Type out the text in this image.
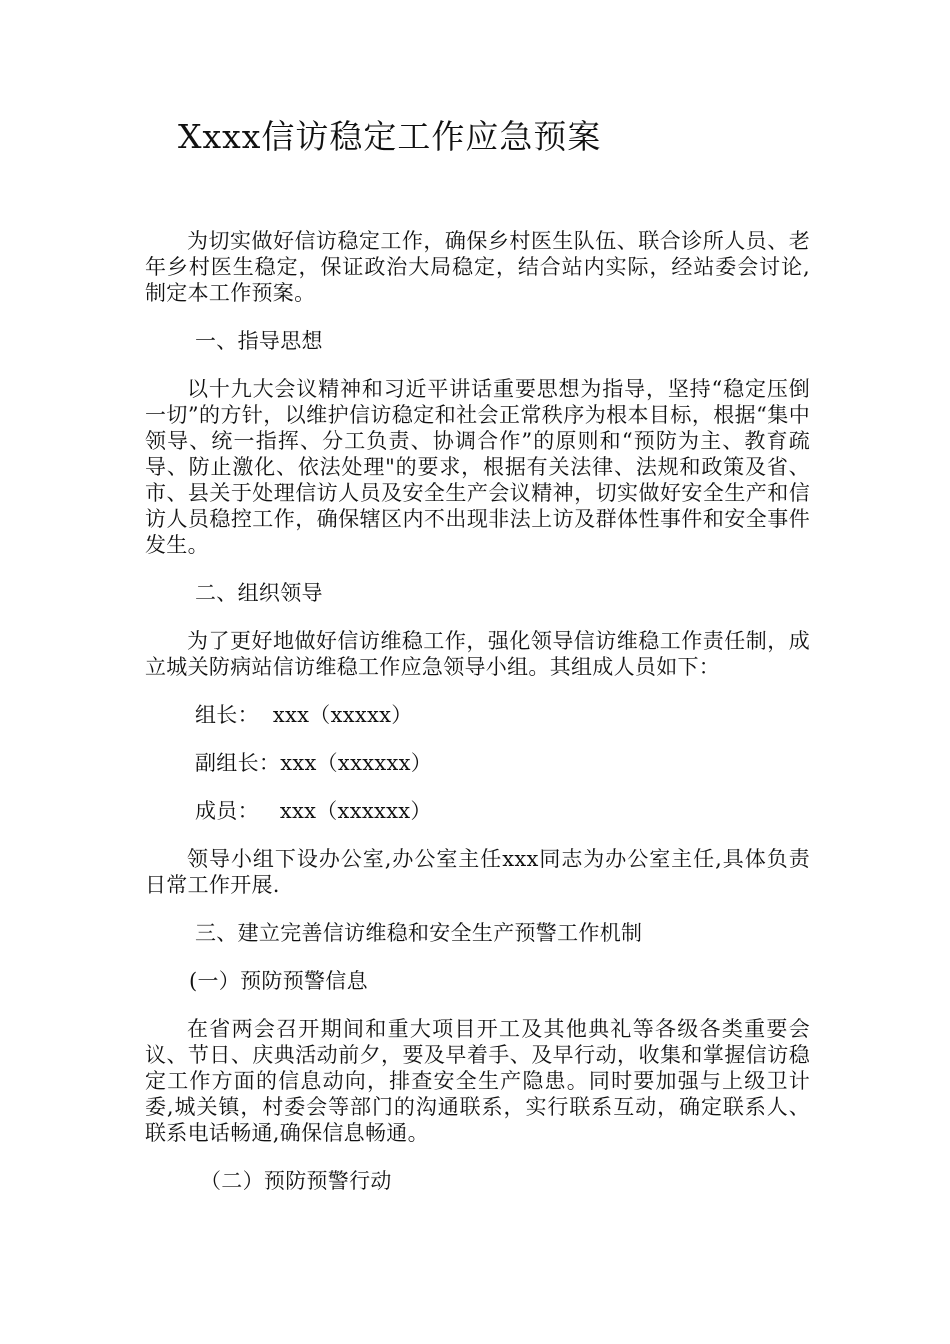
Xxxx信访稳定工作应急预案

为切实做好信访稳定工作，确保乡村医生队伍、联合诊所人员、老年乡村医生稳定，保证政治大局稳定，结合站内实际，经站委会讨论,制定本工作预案。

一、指导思想

以十九大会议精神和习近平讲话重要思想为指导，坚持“稳定压倒一切”的方针，以维护信访稳定和社会正常秩序为根本目标，根据“集中领导、统一指挥、分工负责、协调合作”的原则和“预防为主、教育疏导、防止激化、依法处理"的要求，根据有关法律、法规和政策及省、市、县关于处理信访人员及安全生产会议精神，切实做好安全生产和信访人员稳控工作，确保辖区内不出现非法上访及群体性事件和安全事件发生。

二、组织领导

为了更好地做好信访维稳工作，强化领导信访维稳工作责任制，成立城关防病站信访维稳工作应急领导小组。其组成人员如下：

组长：  xxx（xxxxx）

副组长：xxx（xxxxxx）

成员：   xxx（xxxxxx）

领导小组下设办公室,办公室主任xxx同志为办公室主任,具体负责日常工作开展.

三、建立完善信访维稳和安全生产预警工作机制

(一）预防预警信息

在省两会召开期间和重大项目开工及其他典礼等各级各类重要会议、节日、庆典活动前夕，要及早着手、及早行动，收集和掌握信访稳定工作方面的信息动向，排查安全生产隐患。同时要加强与上级卫计委,城关镇，村委会等部门的沟通联系，实行联系互动，确定联系人、联系电话畅通,确保信息畅通。

（二）预防预警行动
